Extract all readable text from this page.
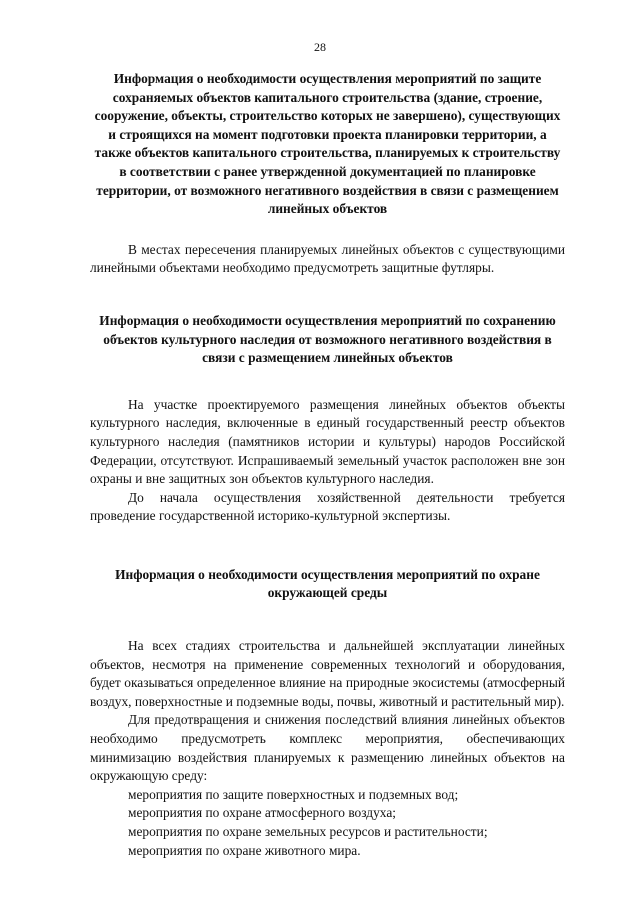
28

Информация о необходимости осуществления мероприятий по защите сохраняемых объектов капитального строительства (здание, строение, сооружение, объекты, строительство которых не завершено), существующих и строящихся на момент подготовки проекта планировки территории, а также объектов капитального строительства, планируемых к строительству в соответствии с ранее утвержденной документацией по планировке территории, от возможного негативного воздействия в связи с размещением линейных объектов

В местах пересечения планируемых линейных объектов с существующими линейными объектами необходимо предусмотреть защитные футляры.

Информация о необходимости осуществления мероприятий по сохранению объектов культурного наследия от возможного негативного воздействия в связи с размещением линейных объектов

На участке проектируемого размещения линейных объектов объекты культурного наследия, включенные в единый государственный реестр объектов культурного наследия (памятников истории и культуры) народов Российской Федерации, отсутствуют. Испрашиваемый земельный участок расположен вне зон охраны и вне защитных зон объектов культурного наследия.

До начала осуществления хозяйственной деятельности требуется проведение государственной историко-культурной экспертизы.

Информация о необходимости осуществления мероприятий по охране окружающей среды

На всех стадиях строительства и дальнейшей эксплуатации линейных объектов, несмотря на применение современных технологий и оборудования, будет оказываться определенное влияние на природные экосистемы (атмосферный воздух, поверхностные и подземные воды, почвы, животный и растительный мир).

Для предотвращения и снижения последствий влияния линейных объектов необходимо предусмотреть комплекс мероприятия, обеспечивающих минимизацию воздействия планируемых к размещению линейных объектов на окружающую среду:

мероприятия по защите поверхностных и подземных вод;

мероприятия по охране атмосферного воздуха;

мероприятия по охране земельных ресурсов и растительности;

мероприятия по охране животного мира.
